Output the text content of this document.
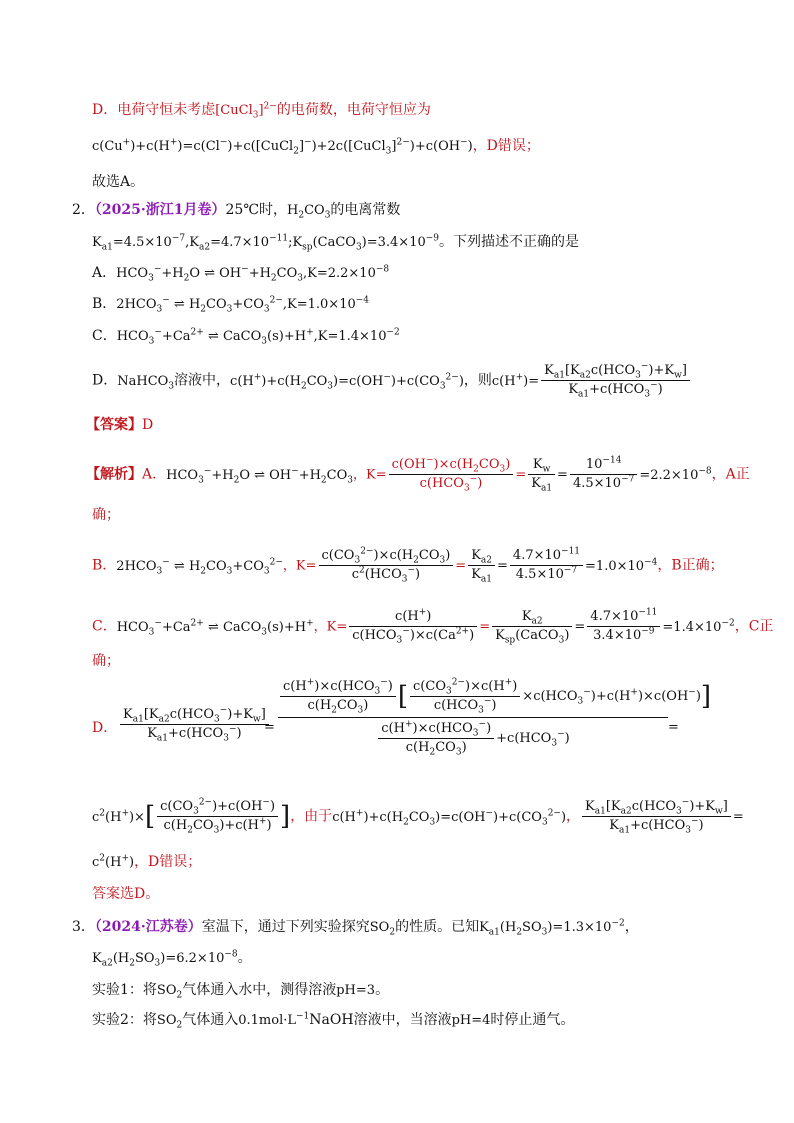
D．电荷守恒未考虑[CuCl$_3$]$^{2-}$的电荷数，电荷守恒应为
c(Cu+)+c(H+)=c(Cl−)+c([CuCl$_2$]−)+2c([CuCl$_3$]$^{2-}$)+c(OH−)，D错误；
故选A。
2．（2025·浙江1月卷）25℃时，$H_2CO_3$的电离常数
$K_{a1}=4.5\times 10^{-7},K_{a2}=4.7\times 10^{-11};K_{sp}(CaCO_3)=3.4\times 10^{-9}$。下列描述不正确的是
A．$HCO_3^-+H_2O$ ⇌ $OH^-+H_2CO_3,K=2.2\times 10^{-8}$
B．$2HCO_3^-$ ⇌ $H_2CO_3+CO_3^{2-},K=1.0\times 10^{-4}$
C．$HCO_3^-+Ca^{2+}$ ⇌ $CaCO_3(s)+H^+,K=1.4\times 10^{-2}$
D．NaHCO$_3$溶液中，$c(H^+)+c(H_2CO_3)=c(OH^-)+c(CO_3^{2-})$，则$c(H^+)= \frac{K_{a1}[K_{a2}c(HCO_3^-)+K_w]}{K_{a1}+c(HCO_3^-)}$
【答案】D
【解析】A．$HCO_3^-+H_2O$ ⇌ $OH^-+H_2CO_3$，$K= \frac{c(OH^-)\times c(H_2CO_3)}{c(HCO_3^-)} = \frac{K_w}{K_{a1}} = \frac{10^{-14}}{4.5\times 10^{-7}} =2.2\times 10^{-8}$，A正
确；
B．$2HCO_3^-$ ⇌ $H_2CO_3+CO_3^{2-}$，$K= \frac{c(CO_3^{2-})\times c(H_2CO_3)}{c^2(HCO_3^-)} = \frac{K_{a2}}{K_{a1}} = \frac{4.7\times 10^{-11}}{4.5\times 10^{-7}} =1.0\times 10^{-4}$，B正确；
C．$HCO_3^-+Ca^{2+}$ ⇌ CaCO$_3$(s)+H+，$K= \frac{c(H^+)}{c(HCO_3^-)\times c(Ca^{2+})} = \frac{K_{a2}}{K_{sp}(CaCO_3)} = \frac{4.7\times 10^{-11}}{3.4\times 10^{-9}} =1.4\times 10^{-2}$，C正
确；
D．
$K_{a1}[K_{a2}c(HCO_3^-)+K_w]$
$K_{a1}+c(HCO_3^-)$	=
$\frac{c(H^+)\times c(HCO_3^-)}{c(H_2CO_3)}$ [ $\frac{c(CO_3^{2-})\times c(H^+)}{c(HCO_3^-)} \times c(HCO_3^-)+c(H^+)\times c(OH^-)$]
$\frac{c(H^+)\times c(HCO_3^-)}{c(H_2CO_3)} +c(HCO_3^-)$
=
$c^2(H^+)\times[ \frac{c(CO_3^{2-})+c(OH^-)}{c(H_2CO_3)+c(H^+)}$ ]，由于$c(H^+)+c(H_2CO_3)=c(OH^-)+c(CO_3^{2-})$， $\frac{K_{a1}[K_{a2}c(HCO_3^-)+K_w]}{K_{a1}+c(HCO_3^-)}$ =
$c^2(H^+)$，D错误；
答案选D。
3．（2024·江苏卷）室温下，通过下列实验探究$SO_2$的性质。已知$K_{a1}(H_2SO_3)=1.3\times 10^{-2}$，
$K_{a2}(H_2SO_3)=6.2\times 10^{-8}$。
实验1：将$SO_2$气体通入水中，测得溶液pH=3。
实验2：将$SO_2$气体通入$0.1mol\cdot L^{-1}NaOH$溶液中，当溶液pH=4时停止通气。
